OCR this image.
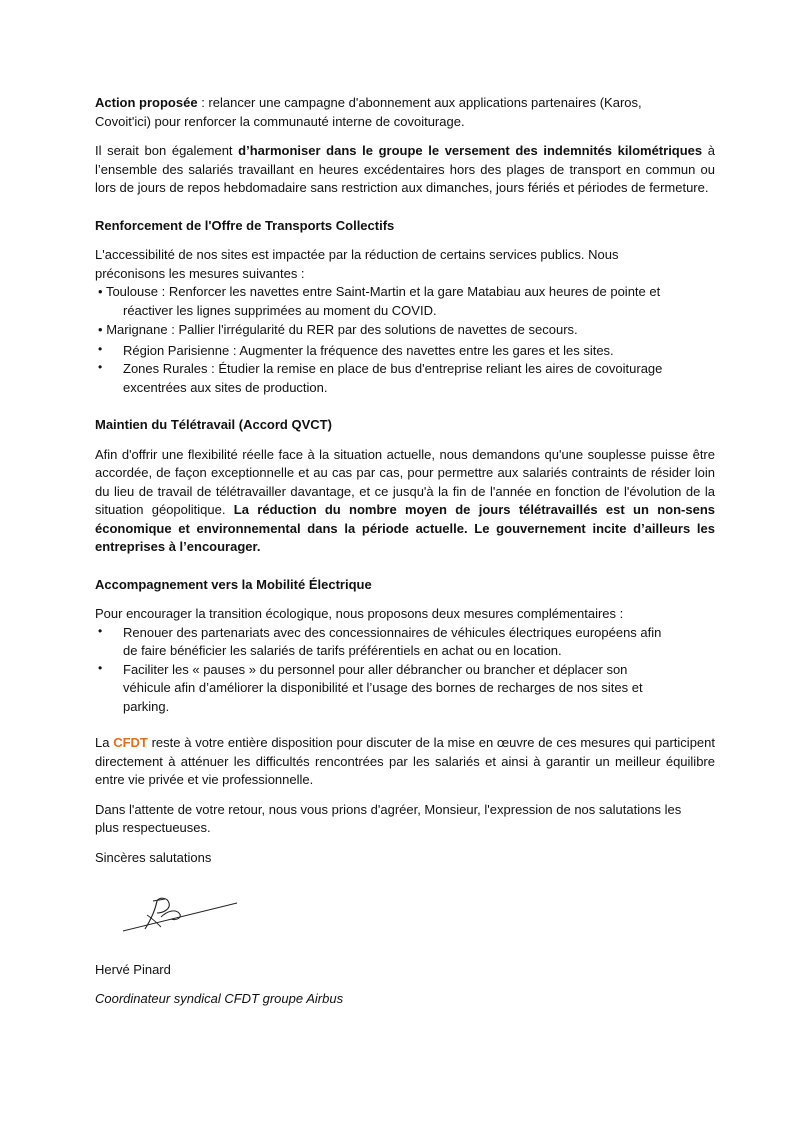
Action proposée : relancer une campagne d'abonnement aux applications partenaires (Karos, Covoit'ici) pour renforcer la communauté interne de covoiturage.

Il serait bon également d’harmoniser dans le groupe le versement des indemnités kilométriques à l’ensemble des salariés travaillant en heures excédentaires hors des plages de transport en commun ou lors de jours de repos hebdomadaire sans restriction aux dimanches, jours fériés et périodes de fermeture.

Renforcement de l'Offre de Transports Collectifs

L'accessibilité de nos sites est impactée par la réduction de certains services publics. Nous préconisons les mesures suivantes :

• Toulouse : Renforcer les navettes entre Saint-Martin et la gare Matabiau aux heures de pointe et réactiver les lignes supprimées au moment du COVID.
• Marignane : Pallier l'irrégularité du RER par des solutions de navettes de secours.
• Région Parisienne : Augmenter la fréquence des navettes entre les gares et les sites.
• Zones Rurales : Étudier la remise en place de bus d'entreprise reliant les aires de covoiturage excentrées aux sites de production.

Maintien du Télétravail (Accord QVCT)

Afin d'offrir une flexibilité réelle face à la situation actuelle, nous demandons qu'une souplesse puisse être accordée, de façon exceptionnelle et au cas par cas, pour permettre aux salariés contraints de résider loin du lieu de travail de télétravailler davantage, et ce jusqu'à la fin de l'année en fonction de l'évolution de la situation géopolitique. La réduction du nombre moyen de jours télétravaillés est un non-sens économique et environnemental dans la période actuelle. Le gouvernement incite d’ailleurs les entreprises à l’encourager.

Accompagnement vers la Mobilité Électrique

Pour encourager la transition écologique, nous proposons deux mesures complémentaires :

• Renouer des partenariats avec des concessionnaires de véhicules électriques européens afin de faire bénéficier les salariés de tarifs préférentiels en achat ou en location.
• Faciliter les « pauses » du personnel pour aller débrancher ou brancher et déplacer son véhicule afin d’améliorer la disponibilité et l’usage des bornes de recharges de nos sites et parking.

La CFDT reste à votre entière disposition pour discuter de la mise en œuvre de ces mesures qui participent directement à atténuer les difficultés rencontrées par les salariés et ainsi à garantir un meilleur équilibre entre vie privée et vie professionnelle.

Dans l'attente de votre retour, nous vous prions d'agréer, Monsieur, l'expression de nos salutations les plus respectueuses.

Sincères salutations

Hervé Pinard

Coordinateur syndical CFDT groupe Airbus
